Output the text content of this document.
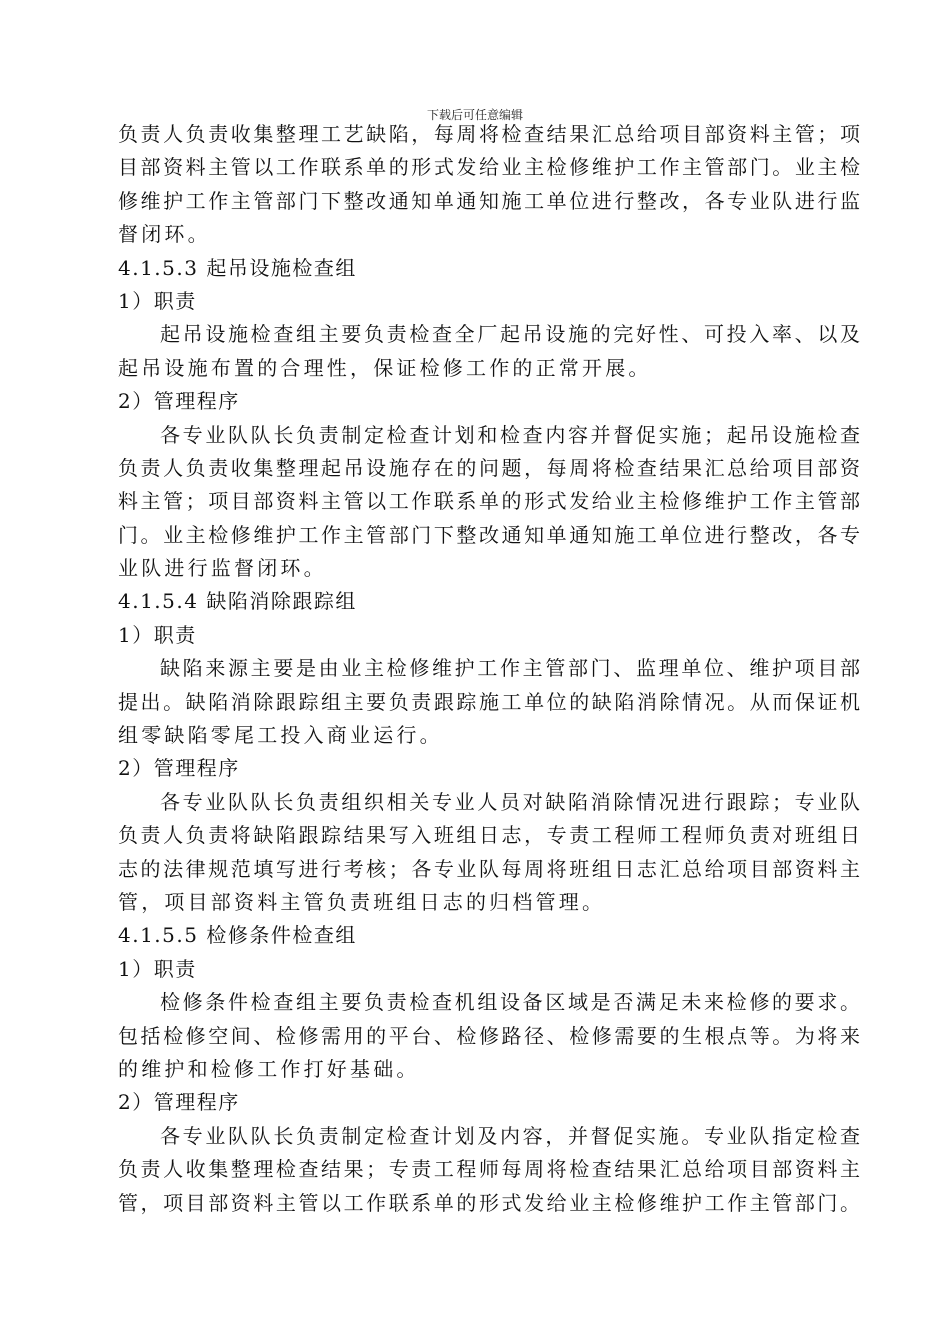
下载后可任意编辑
负责人负责收集整理工艺缺陷，每周将检查结果汇总给项目部资料主管；项
目部资料主管以工作联系单的形式发给业主检修维护工作主管部门。业主检
修维护工作主管部门下整改通知单通知施工单位进行整改，各专业队进行监
督闭环。
4.1.5.3 起吊设施检查组
1）职责
起吊设施检查组主要负责检查全厂起吊设施的完好性、可投入率、以及
起吊设施布置的合理性，保证检修工作的正常开展。
2）管理程序
各专业队队长负责制定检查计划和检查内容并督促实施；起吊设施检查
负责人负责收集整理起吊设施存在的问题，每周将检查结果汇总给项目部资
料主管；项目部资料主管以工作联系单的形式发给业主检修维护工作主管部
门。业主检修维护工作主管部门下整改通知单通知施工单位进行整改，各专
业队进行监督闭环。
4.1.5.4 缺陷消除跟踪组
1）职责
缺陷来源主要是由业主检修维护工作主管部门、监理单位、维护项目部
提出。缺陷消除跟踪组主要负责跟踪施工单位的缺陷消除情况。从而保证机
组零缺陷零尾工投入商业运行。
2）管理程序
各专业队队长负责组织相关专业人员对缺陷消除情况进行跟踪；专业队
负责人负责将缺陷跟踪结果写入班组日志，专责工程师工程师负责对班组日
志的法律规范填写进行考核；各专业队每周将班组日志汇总给项目部资料主
管，项目部资料主管负责班组日志的归档管理。
4.1.5.5 检修条件检查组
1）职责
检修条件检查组主要负责检查机组设备区域是否满足未来检修的要求。
包括检修空间、检修需用的平台、检修路径、检修需要的生根点等。为将来
的维护和检修工作打好基础。
2）管理程序
各专业队队长负责制定检查计划及内容，并督促实施。专业队指定检查
负责人收集整理检查结果；专责工程师每周将检查结果汇总给项目部资料主
管，项目部资料主管以工作联系单的形式发给业主检修维护工作主管部门。
